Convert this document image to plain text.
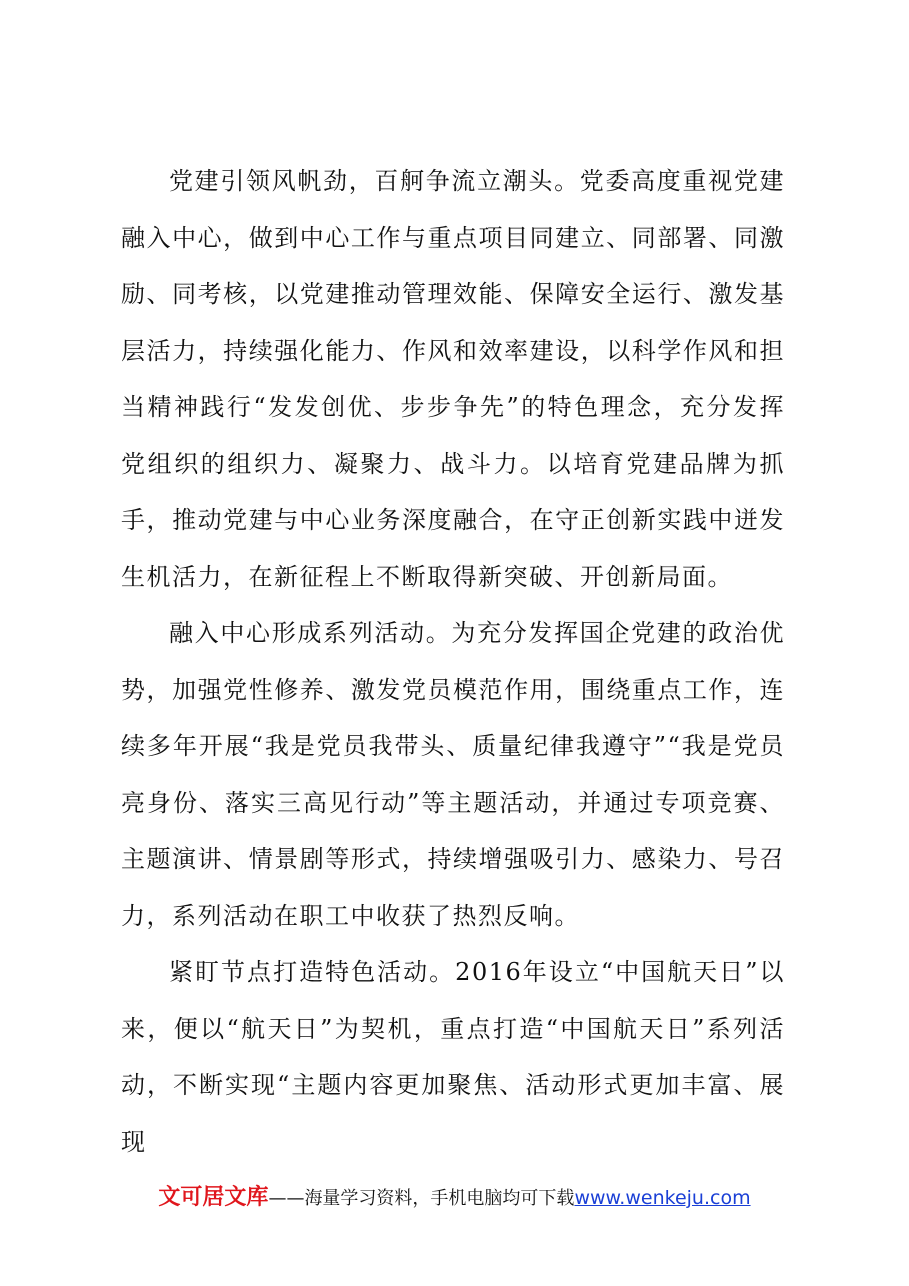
党建引领风帆劲，百舸争流立潮头。党委高度重视党建融入中心，做到中心工作与重点项目同建立、同部署、同激励、同考核，以党建推动管理效能、保障安全运行、激发基层活力，持续强化能力、作风和效率建设，以科学作风和担当精神践行“发发创优、步步争先”的特色理念，充分发挥党组织的组织力、凝聚力、战斗力。以培育党建品牌为抓手，推动党建与中心业务深度融合，在守正创新实践中迸发生机活力，在新征程上不断取得新突破、开创新局面。

融入中心形成系列活动。为充分发挥国企党建的政治优势，加强党性修养、激发党员模范作用，围绕重点工作，连续多年开展“我是党员我带头、质量纪律我遵守”“我是党员亮身份、落实三高见行动”等主题活动，并通过专项竞赛、主题演讲、情景剧等形式，持续增强吸引力、感染力、号召力，系列活动在职工中收获了热烈反响。

紧盯节点打造特色活动。2016年设立“中国航天日”以来，便以“航天日”为契机，重点打造“中国航天日”系列活动，不断实现“主题内容更加聚焦、活动形式更加丰富、展现

文可居文库——海量学习资料，手机电脑均可下载www.wenkeju.com
